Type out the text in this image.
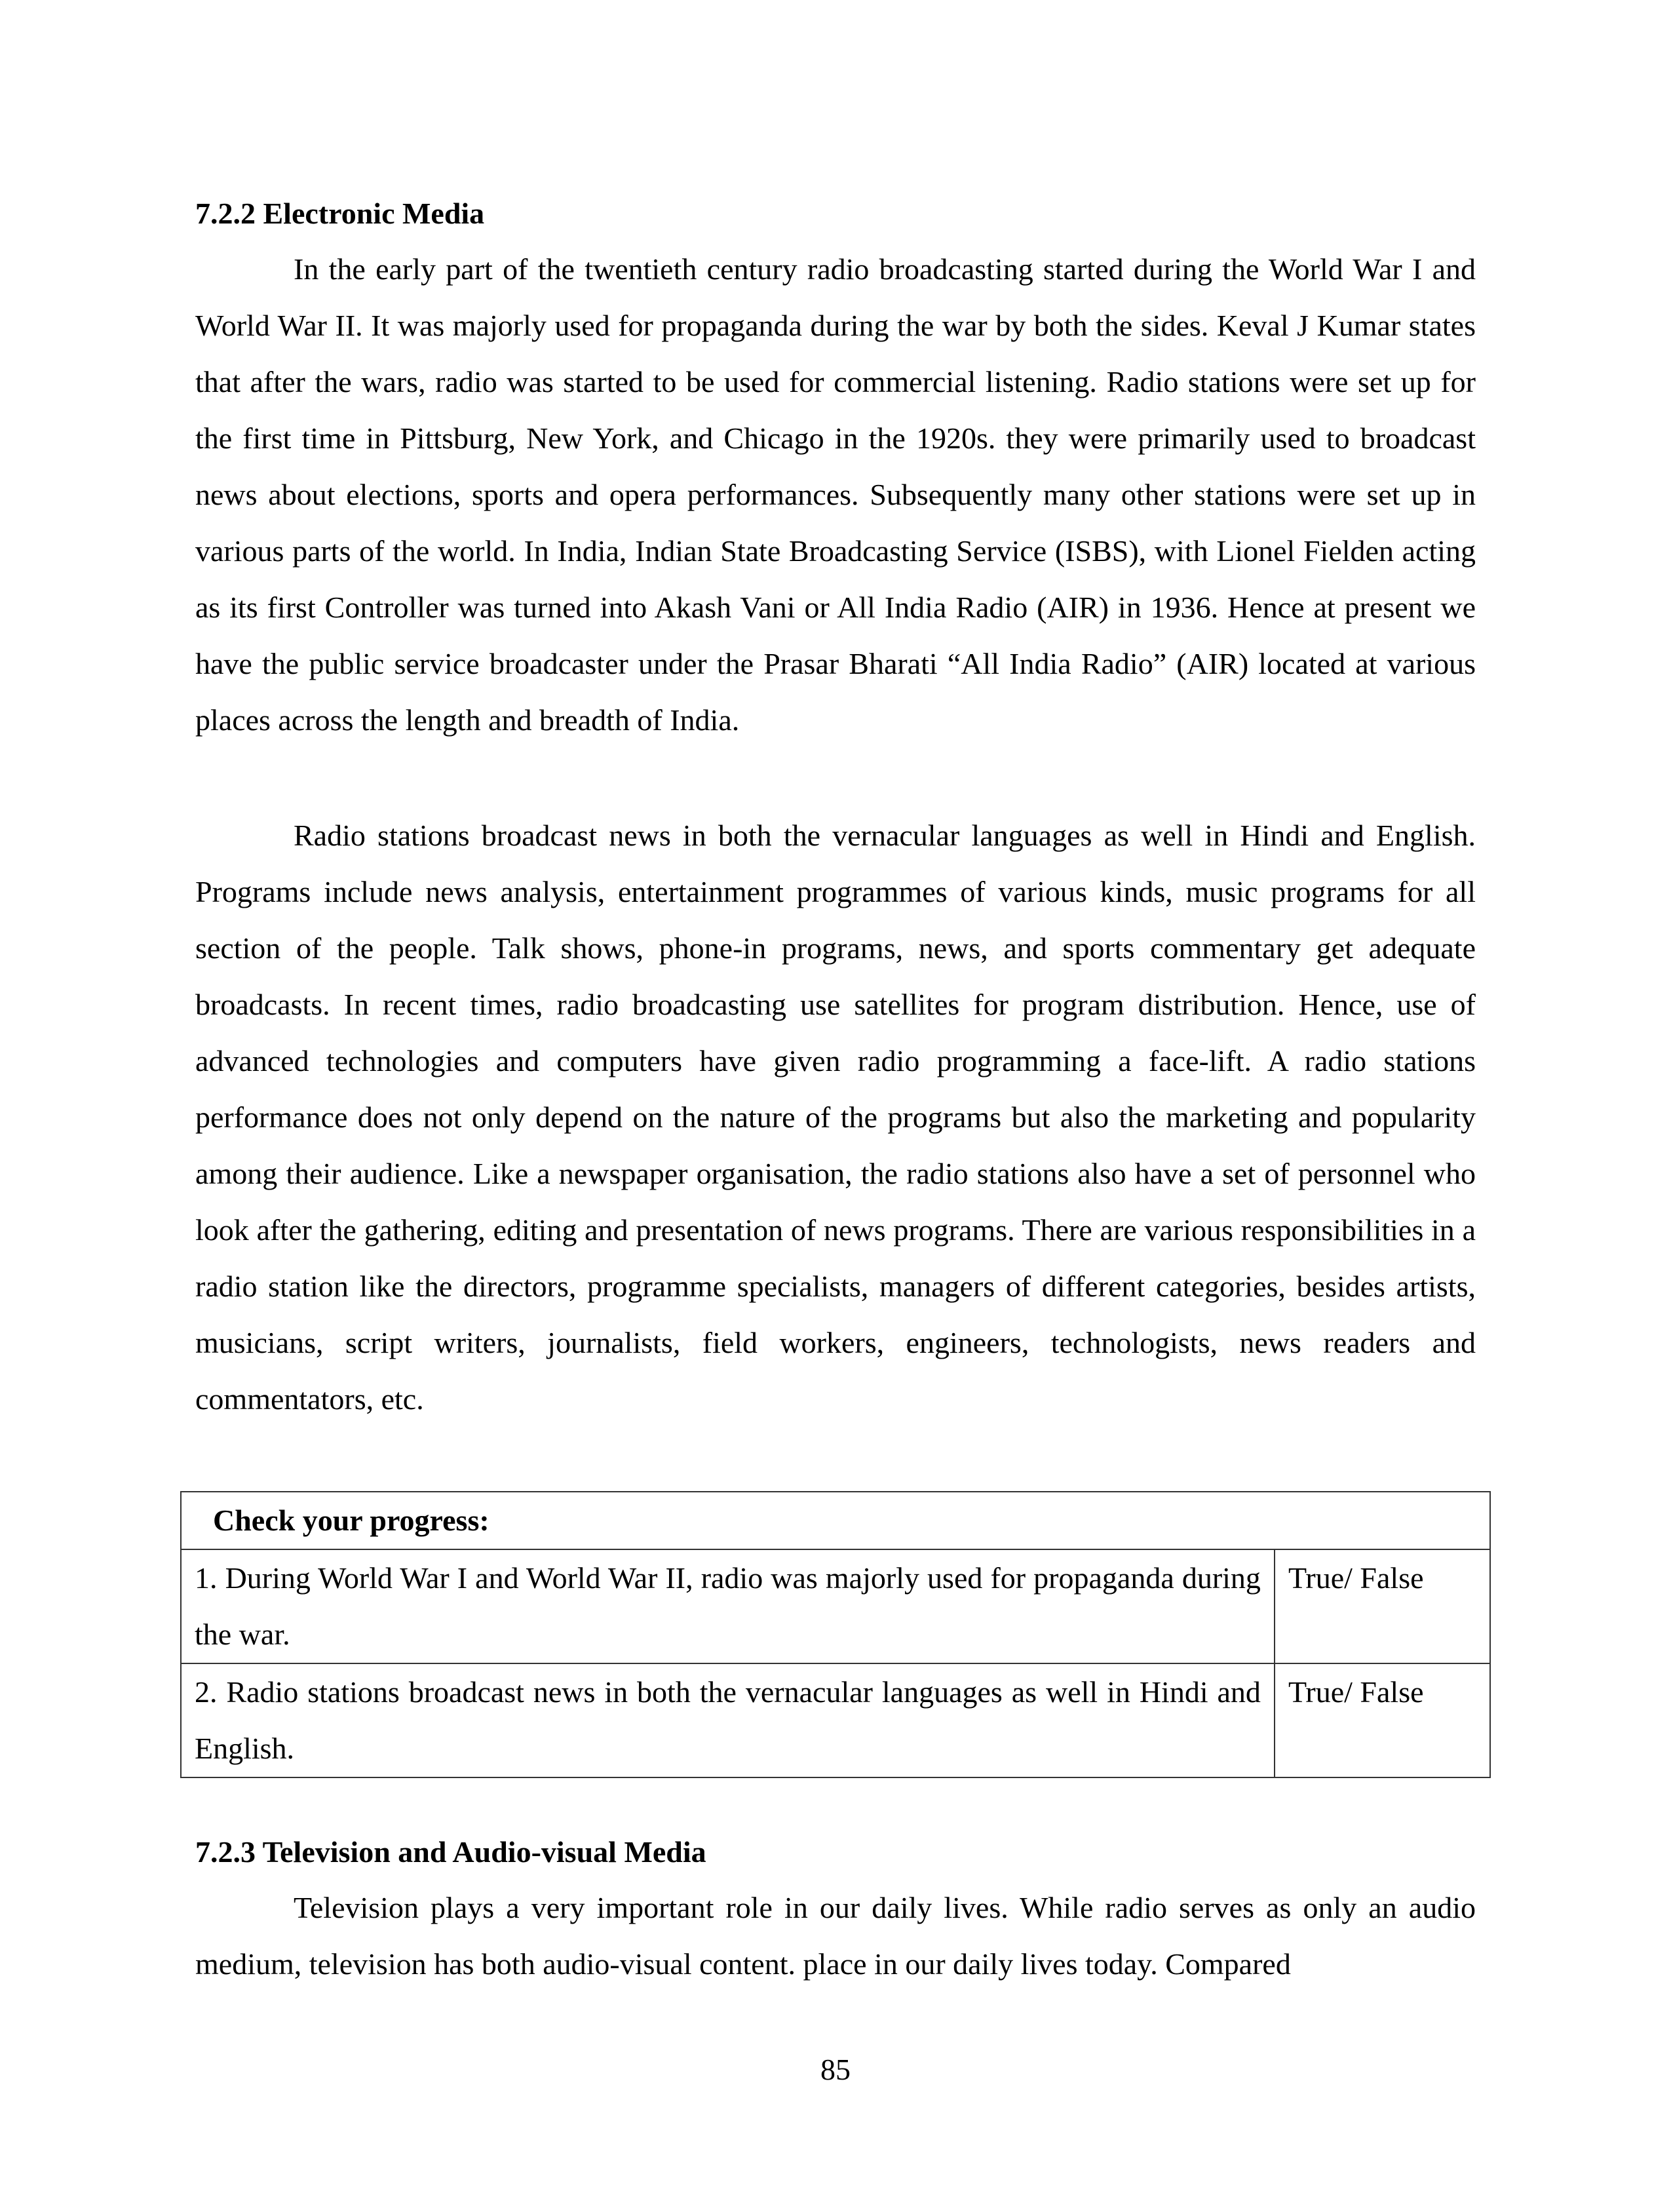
7.2.2 Electronic Media

In the early part of the twentieth century radio broadcasting started during the World War I and World War II. It was majorly used for propaganda during the war by both the sides. Keval J Kumar states that after the wars, radio was started to be used for commercial listening. Radio stations were set up for the first time in Pittsburg, New York, and Chicago in the 1920s. they were primarily used to broadcast news about elections, sports and opera performances. Subsequently many other stations were set up in various parts of the world. In India, Indian State Broadcasting Service (ISBS), with Lionel Fielden acting as its first Controller was turned into Akash Vani or All India Radio (AIR) in 1936. Hence at present we have the public service broadcaster under the Prasar Bharati “All India Radio” (AIR) located at various places across the length and breadth of India.

Radio stations broadcast news in both the vernacular languages as well in Hindi and English. Programs include news analysis, entertainment programmes of various kinds, music programs for all section of the people. Talk shows, phone-in programs, news, and sports commentary get adequate broadcasts. In recent times, radio broadcasting use satellites for program distribution. Hence, use of advanced technologies and computers have given radio programming a face-lift. A radio stations performance does not only depend on the nature of the programs but also the marketing and popularity among their audience. Like a newspaper organisation, the radio stations also have a set of personnel who look after the gathering, editing and presentation of news programs. There are various responsibilities in a radio station like the directors, programme specialists, managers of different categories, besides artists, musicians, script writers, journalists, field workers, engineers, technologists, news readers and commentators, etc.

Check your progress:	
1. During World War I and World War II, radio was majorly used for propaganda during the war.	True/ False
2. Radio stations broadcast news in both the vernacular languages as well in Hindi and English.	True/ False
7.2.3 Television and Audio-visual Media

Television plays a very important role in our daily lives. While radio serves as only an audio medium, television has both audio-visual content. place in our daily lives today. Compared

85
